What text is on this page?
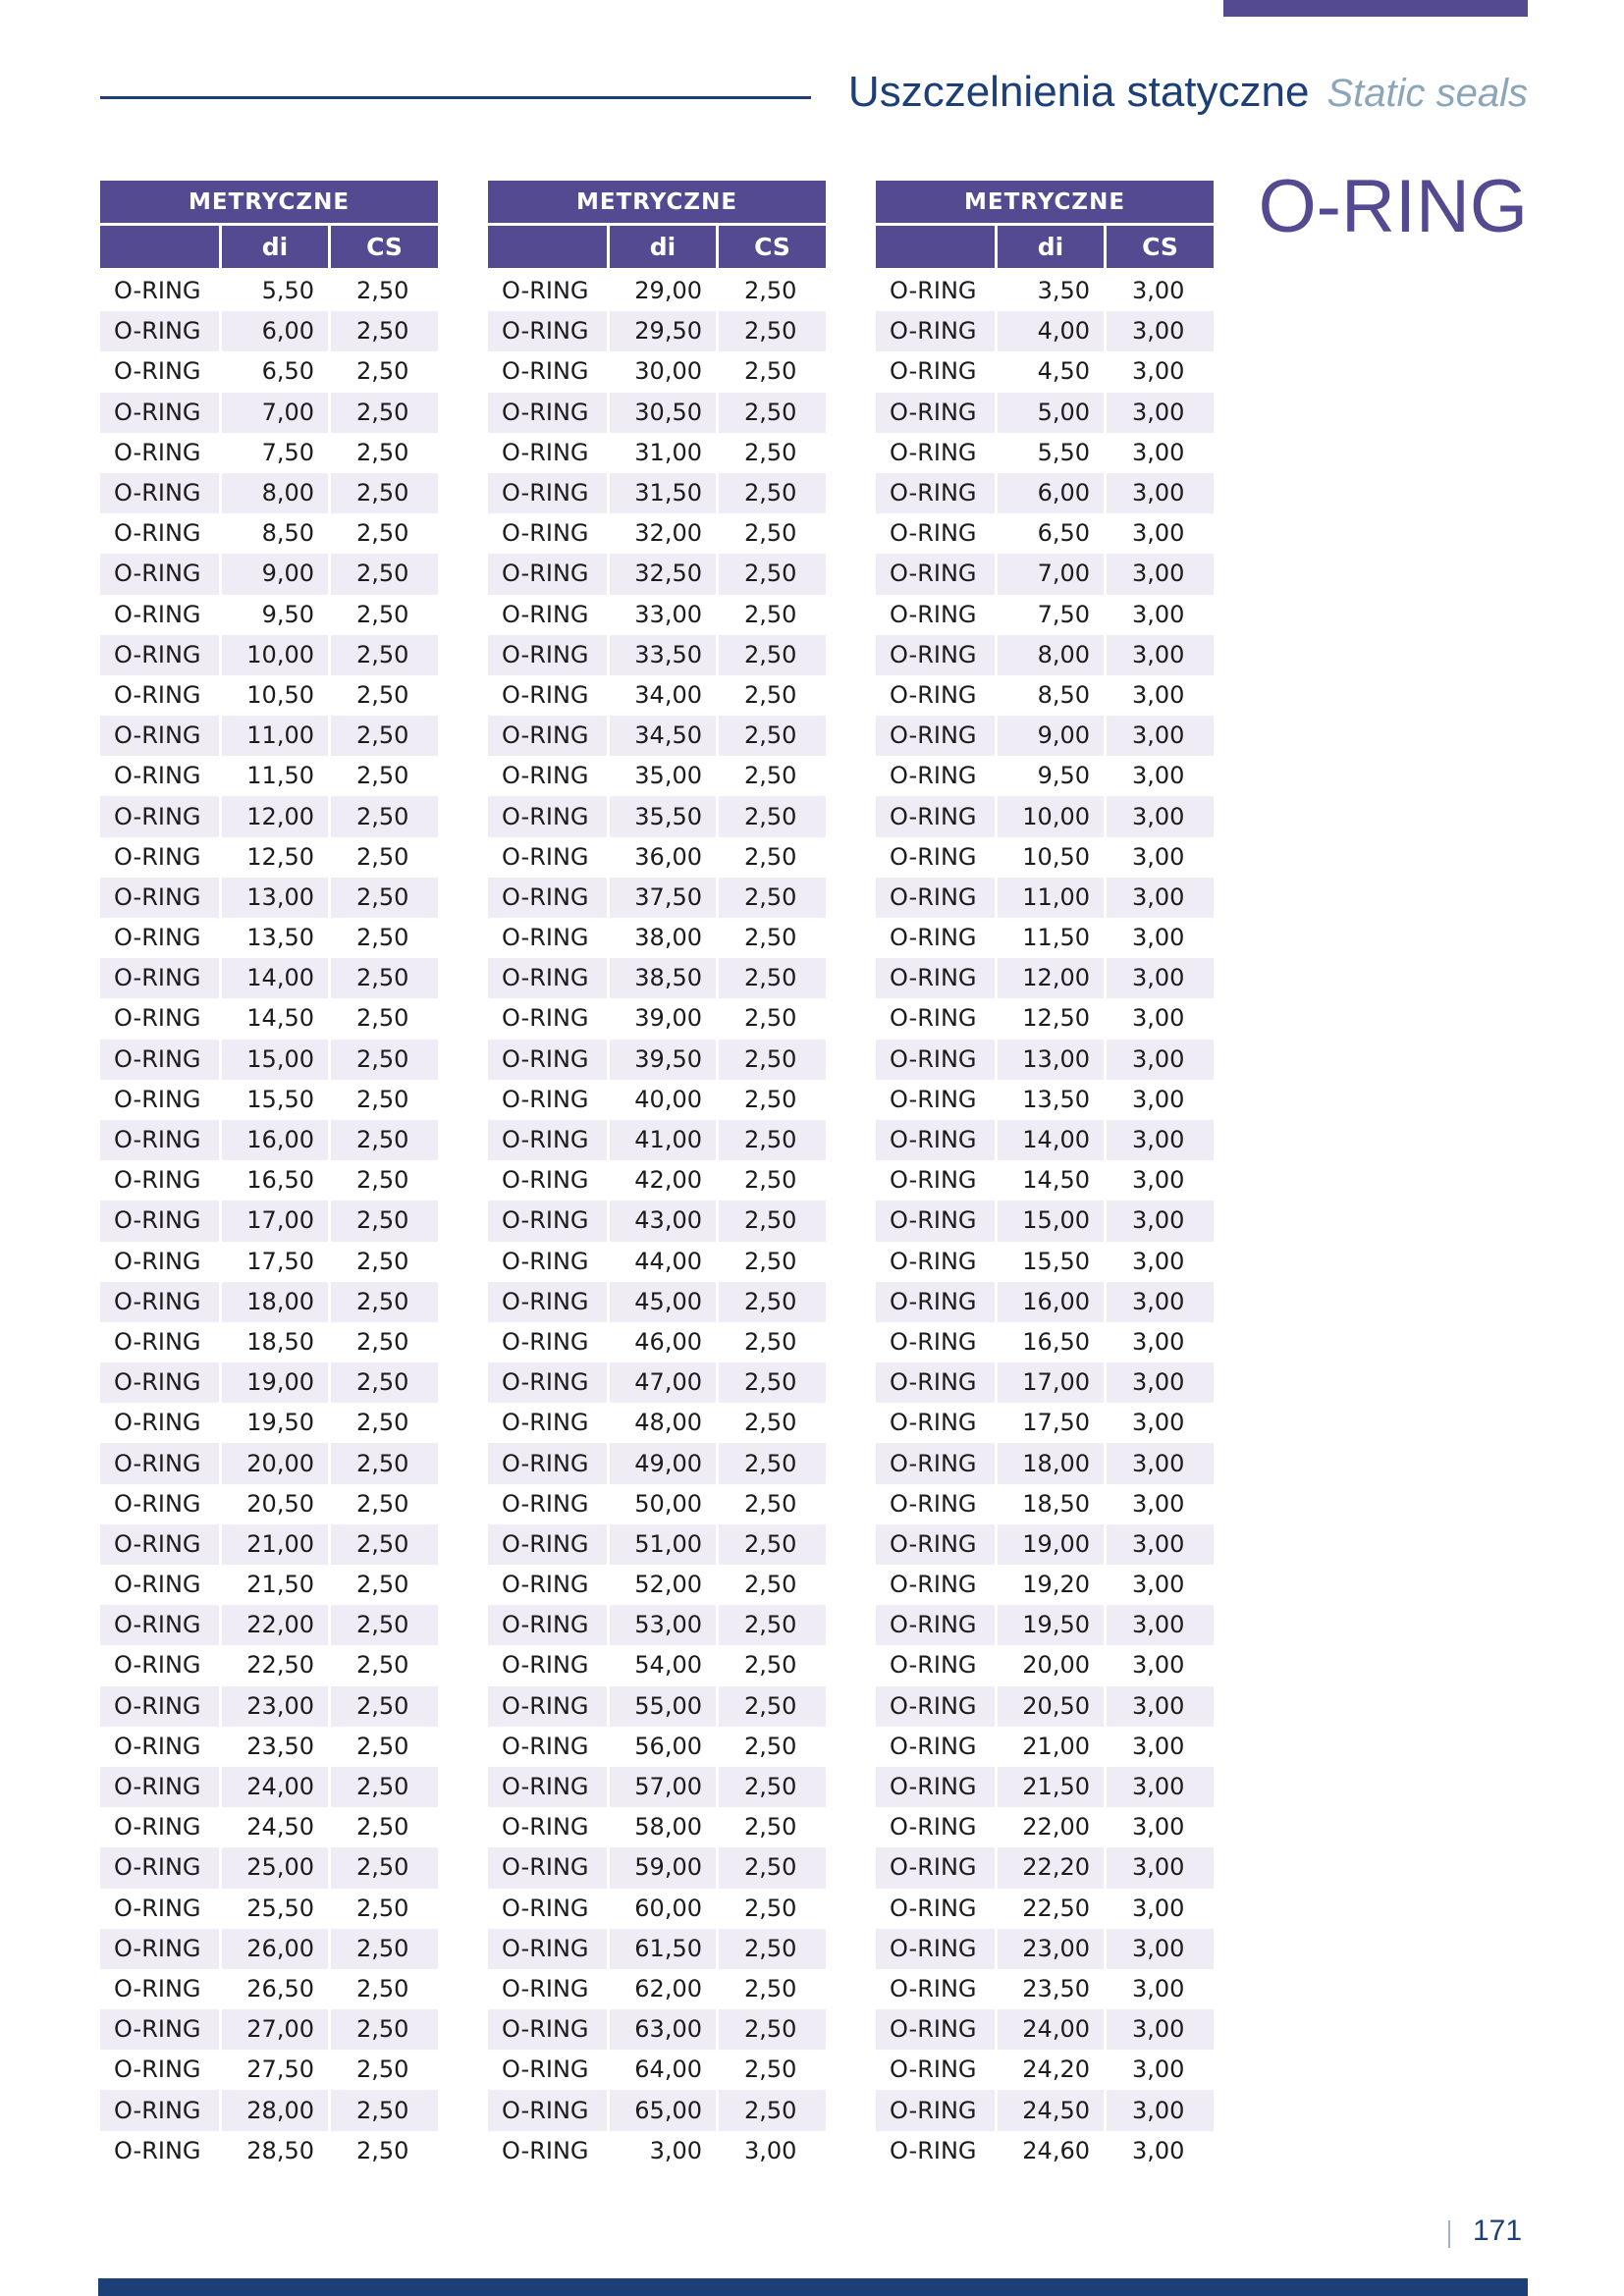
Uszczelnienia statyczne Static seals
O-RING
METRYCZNE		
	di	CS
O-RING	5,50	2,50
O-RING	6,00	2,50
O-RING	6,50	2,50
O-RING	7,00	2,50
O-RING	7,50	2,50
O-RING	8,00	2,50
O-RING	8,50	2,50
O-RING	9,00	2,50
O-RING	9,50	2,50
O-RING	10,00	2,50
O-RING	10,50	2,50
O-RING	11,00	2,50
O-RING	11,50	2,50
O-RING	12,00	2,50
O-RING	12,50	2,50
O-RING	13,00	2,50
O-RING	13,50	2,50
O-RING	14,00	2,50
O-RING	14,50	2,50
O-RING	15,00	2,50
O-RING	15,50	2,50
O-RING	16,00	2,50
O-RING	16,50	2,50
O-RING	17,00	2,50
O-RING	17,50	2,50
O-RING	18,00	2,50
O-RING	18,50	2,50
O-RING	19,00	2,50
O-RING	19,50	2,50
O-RING	20,00	2,50
O-RING	20,50	2,50
O-RING	21,00	2,50
O-RING	21,50	2,50
O-RING	22,00	2,50
O-RING	22,50	2,50
O-RING	23,00	2,50
O-RING	23,50	2,50
O-RING	24,00	2,50
O-RING	24,50	2,50
O-RING	25,00	2,50
O-RING	25,50	2,50
O-RING	26,00	2,50
O-RING	26,50	2,50
O-RING	27,00	2,50
O-RING	27,50	2,50
O-RING	28,00	2,50
O-RING	28,50	2,50
METRYCZNE		
	di	CS
O-RING	29,00	2,50
O-RING	29,50	2,50
O-RING	30,00	2,50
O-RING	30,50	2,50
O-RING	31,00	2,50
O-RING	31,50	2,50
O-RING	32,00	2,50
O-RING	32,50	2,50
O-RING	33,00	2,50
O-RING	33,50	2,50
O-RING	34,00	2,50
O-RING	34,50	2,50
O-RING	35,00	2,50
O-RING	35,50	2,50
O-RING	36,00	2,50
O-RING	37,50	2,50
O-RING	38,00	2,50
O-RING	38,50	2,50
O-RING	39,00	2,50
O-RING	39,50	2,50
O-RING	40,00	2,50
O-RING	41,00	2,50
O-RING	42,00	2,50
O-RING	43,00	2,50
O-RING	44,00	2,50
O-RING	45,00	2,50
O-RING	46,00	2,50
O-RING	47,00	2,50
O-RING	48,00	2,50
O-RING	49,00	2,50
O-RING	50,00	2,50
O-RING	51,00	2,50
O-RING	52,00	2,50
O-RING	53,00	2,50
O-RING	54,00	2,50
O-RING	55,00	2,50
O-RING	56,00	2,50
O-RING	57,00	2,50
O-RING	58,00	2,50
O-RING	59,00	2,50
O-RING	60,00	2,50
O-RING	61,50	2,50
O-RING	62,00	2,50
O-RING	63,00	2,50
O-RING	64,00	2,50
O-RING	65,00	2,50
O-RING	3,00	3,00
METRYCZNE		
	di	CS
O-RING	3,50	3,00
O-RING	4,00	3,00
O-RING	4,50	3,00
O-RING	5,00	3,00
O-RING	5,50	3,00
O-RING	6,00	3,00
O-RING	6,50	3,00
O-RING	7,00	3,00
O-RING	7,50	3,00
O-RING	8,00	3,00
O-RING	8,50	3,00
O-RING	9,00	3,00
O-RING	9,50	3,00
O-RING	10,00	3,00
O-RING	10,50	3,00
O-RING	11,00	3,00
O-RING	11,50	3,00
O-RING	12,00	3,00
O-RING	12,50	3,00
O-RING	13,00	3,00
O-RING	13,50	3,00
O-RING	14,00	3,00
O-RING	14,50	3,00
O-RING	15,00	3,00
O-RING	15,50	3,00
O-RING	16,00	3,00
O-RING	16,50	3,00
O-RING	17,00	3,00
O-RING	17,50	3,00
O-RING	18,00	3,00
O-RING	18,50	3,00
O-RING	19,00	3,00
O-RING	19,20	3,00
O-RING	19,50	3,00
O-RING	20,00	3,00
O-RING	20,50	3,00
O-RING	21,00	3,00
O-RING	21,50	3,00
O-RING	22,00	3,00
O-RING	22,20	3,00
O-RING	22,50	3,00
O-RING	23,00	3,00
O-RING	23,50	3,00
O-RING	24,00	3,00
O-RING	24,20	3,00
O-RING	24,50	3,00
O-RING	24,60	3,00
171
